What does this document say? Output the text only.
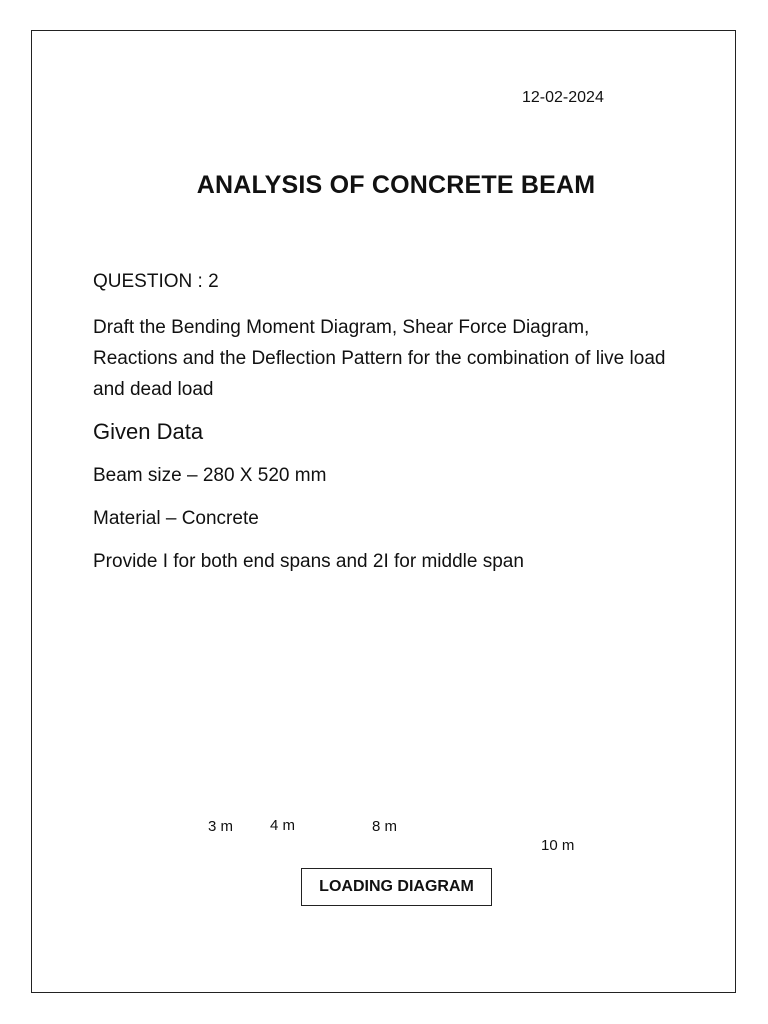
12-02-2024
ANALYSIS OF CONCRETE BEAM
QUESTION : 2
Draft the Bending Moment Diagram, Shear Force Diagram, Reactions and the Deflection Pattern for the combination of live load and dead load
Given Data
Beam size – 280 X 520 mm
Material – Concrete
Provide I for both end spans and 2I for middle span
3 m 4 m	8 m
10 m
LOADING DIAGRAM
